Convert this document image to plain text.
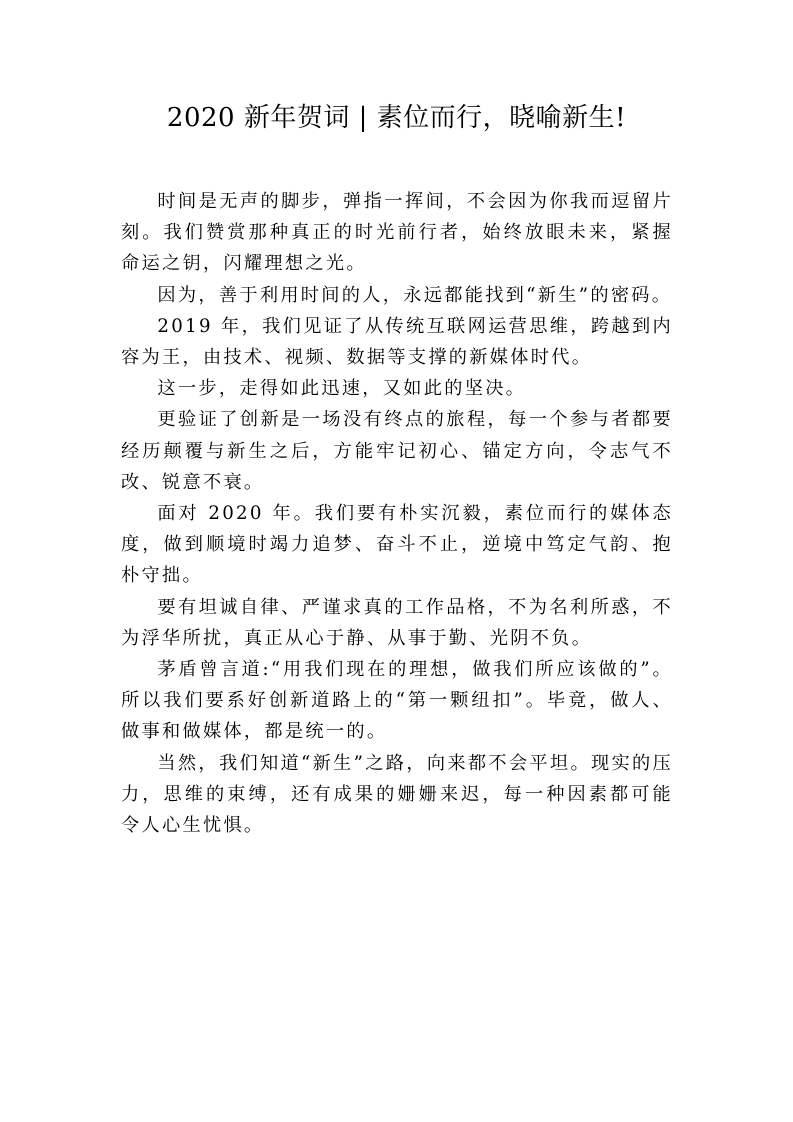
2020 新年贺词 | 素位而行，晓喻新生!

时间是无声的脚步，弹指一挥间，不会因为你我而逗留片刻。我们赞赏那种真正的时光前行者，始终放眼未来，紧握命运之钥，闪耀理想之光。

因为，善于利用时间的人，永远都能找到“新生”的密码。

2019 年，我们见证了从传统互联网运营思维，跨越到内容为王，由技术、视频、数据等支撑的新媒体时代。

这一步，走得如此迅速，又如此的坚决。

更验证了创新是一场没有终点的旅程，每一个参与者都要经历颠覆与新生之后，方能牢记初心、锚定方向，令志气不改、锐意不衰。

面对 2020 年。我们要有朴实沉毅，素位而行的媒体态度，做到顺境时竭力追梦、奋斗不止，逆境中笃定气韵、抱朴守拙。

要有坦诚自律、严谨求真的工作品格，不为名利所惑，不为浮华所扰，真正从心于静、从事于勤、光阴不负。

茅盾曾言道:“用我们现在的理想，做我们所应该做的”。所以我们要系好创新道路上的“第一颗纽扣”。毕竟，做人、做事和做媒体，都是统一的。

当然，我们知道“新生”之路，向来都不会平坦。现实的压力，思维的束缚，还有成果的姗姗来迟，每一种因素都可能令人心生忧惧。
